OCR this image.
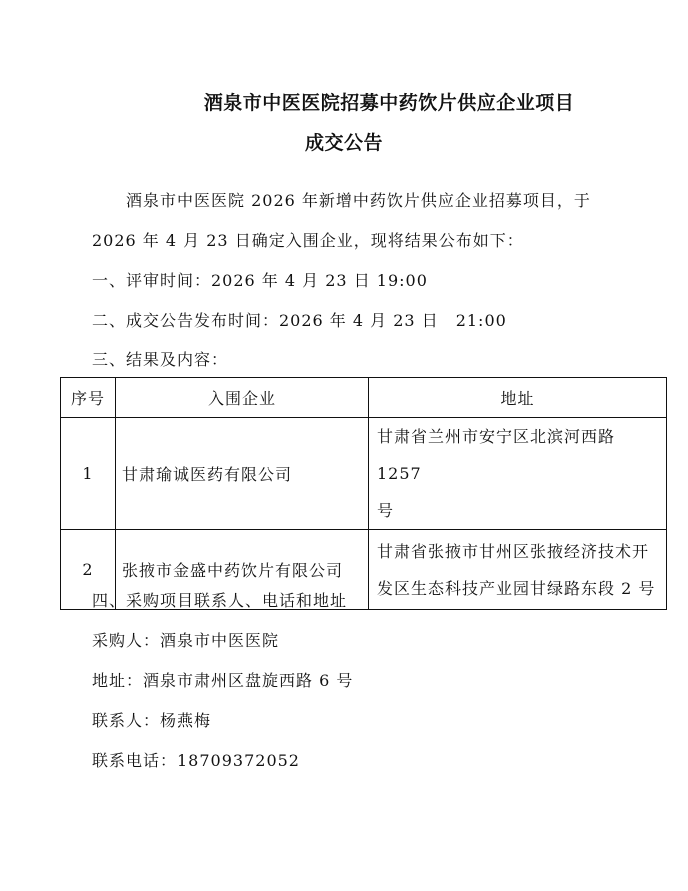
酒泉市中医医院招募中药饮片供应企业项目
成交公告
酒泉市中医医院 2026 年新增中药饮片供应企业招募项目，于
2026 年 4 月 23 日确定入围企业，现将结果公布如下：
一、评审时间：2026 年 4 月 23 日 19:00
二、成交公告发布时间：2026 年 4 月 23 日　21:00
三、结果及内容：
序号	入围企业	地址
1	甘肃瑜诚医药有限公司	甘肃省兰州市安宁区北滨河西路 1257
号

2	张掖市金盛中药饮片有限公司	甘肃省张掖市甘州区张掖经济技术开
发区生态科技产业园甘绿路东段 2 号
四、采购项目联系人、电话和地址
采购人：酒泉市中医医院
地址：酒泉市肃州区盘旋西路 6 号
联系人：杨燕梅
联系电话：18709372052
